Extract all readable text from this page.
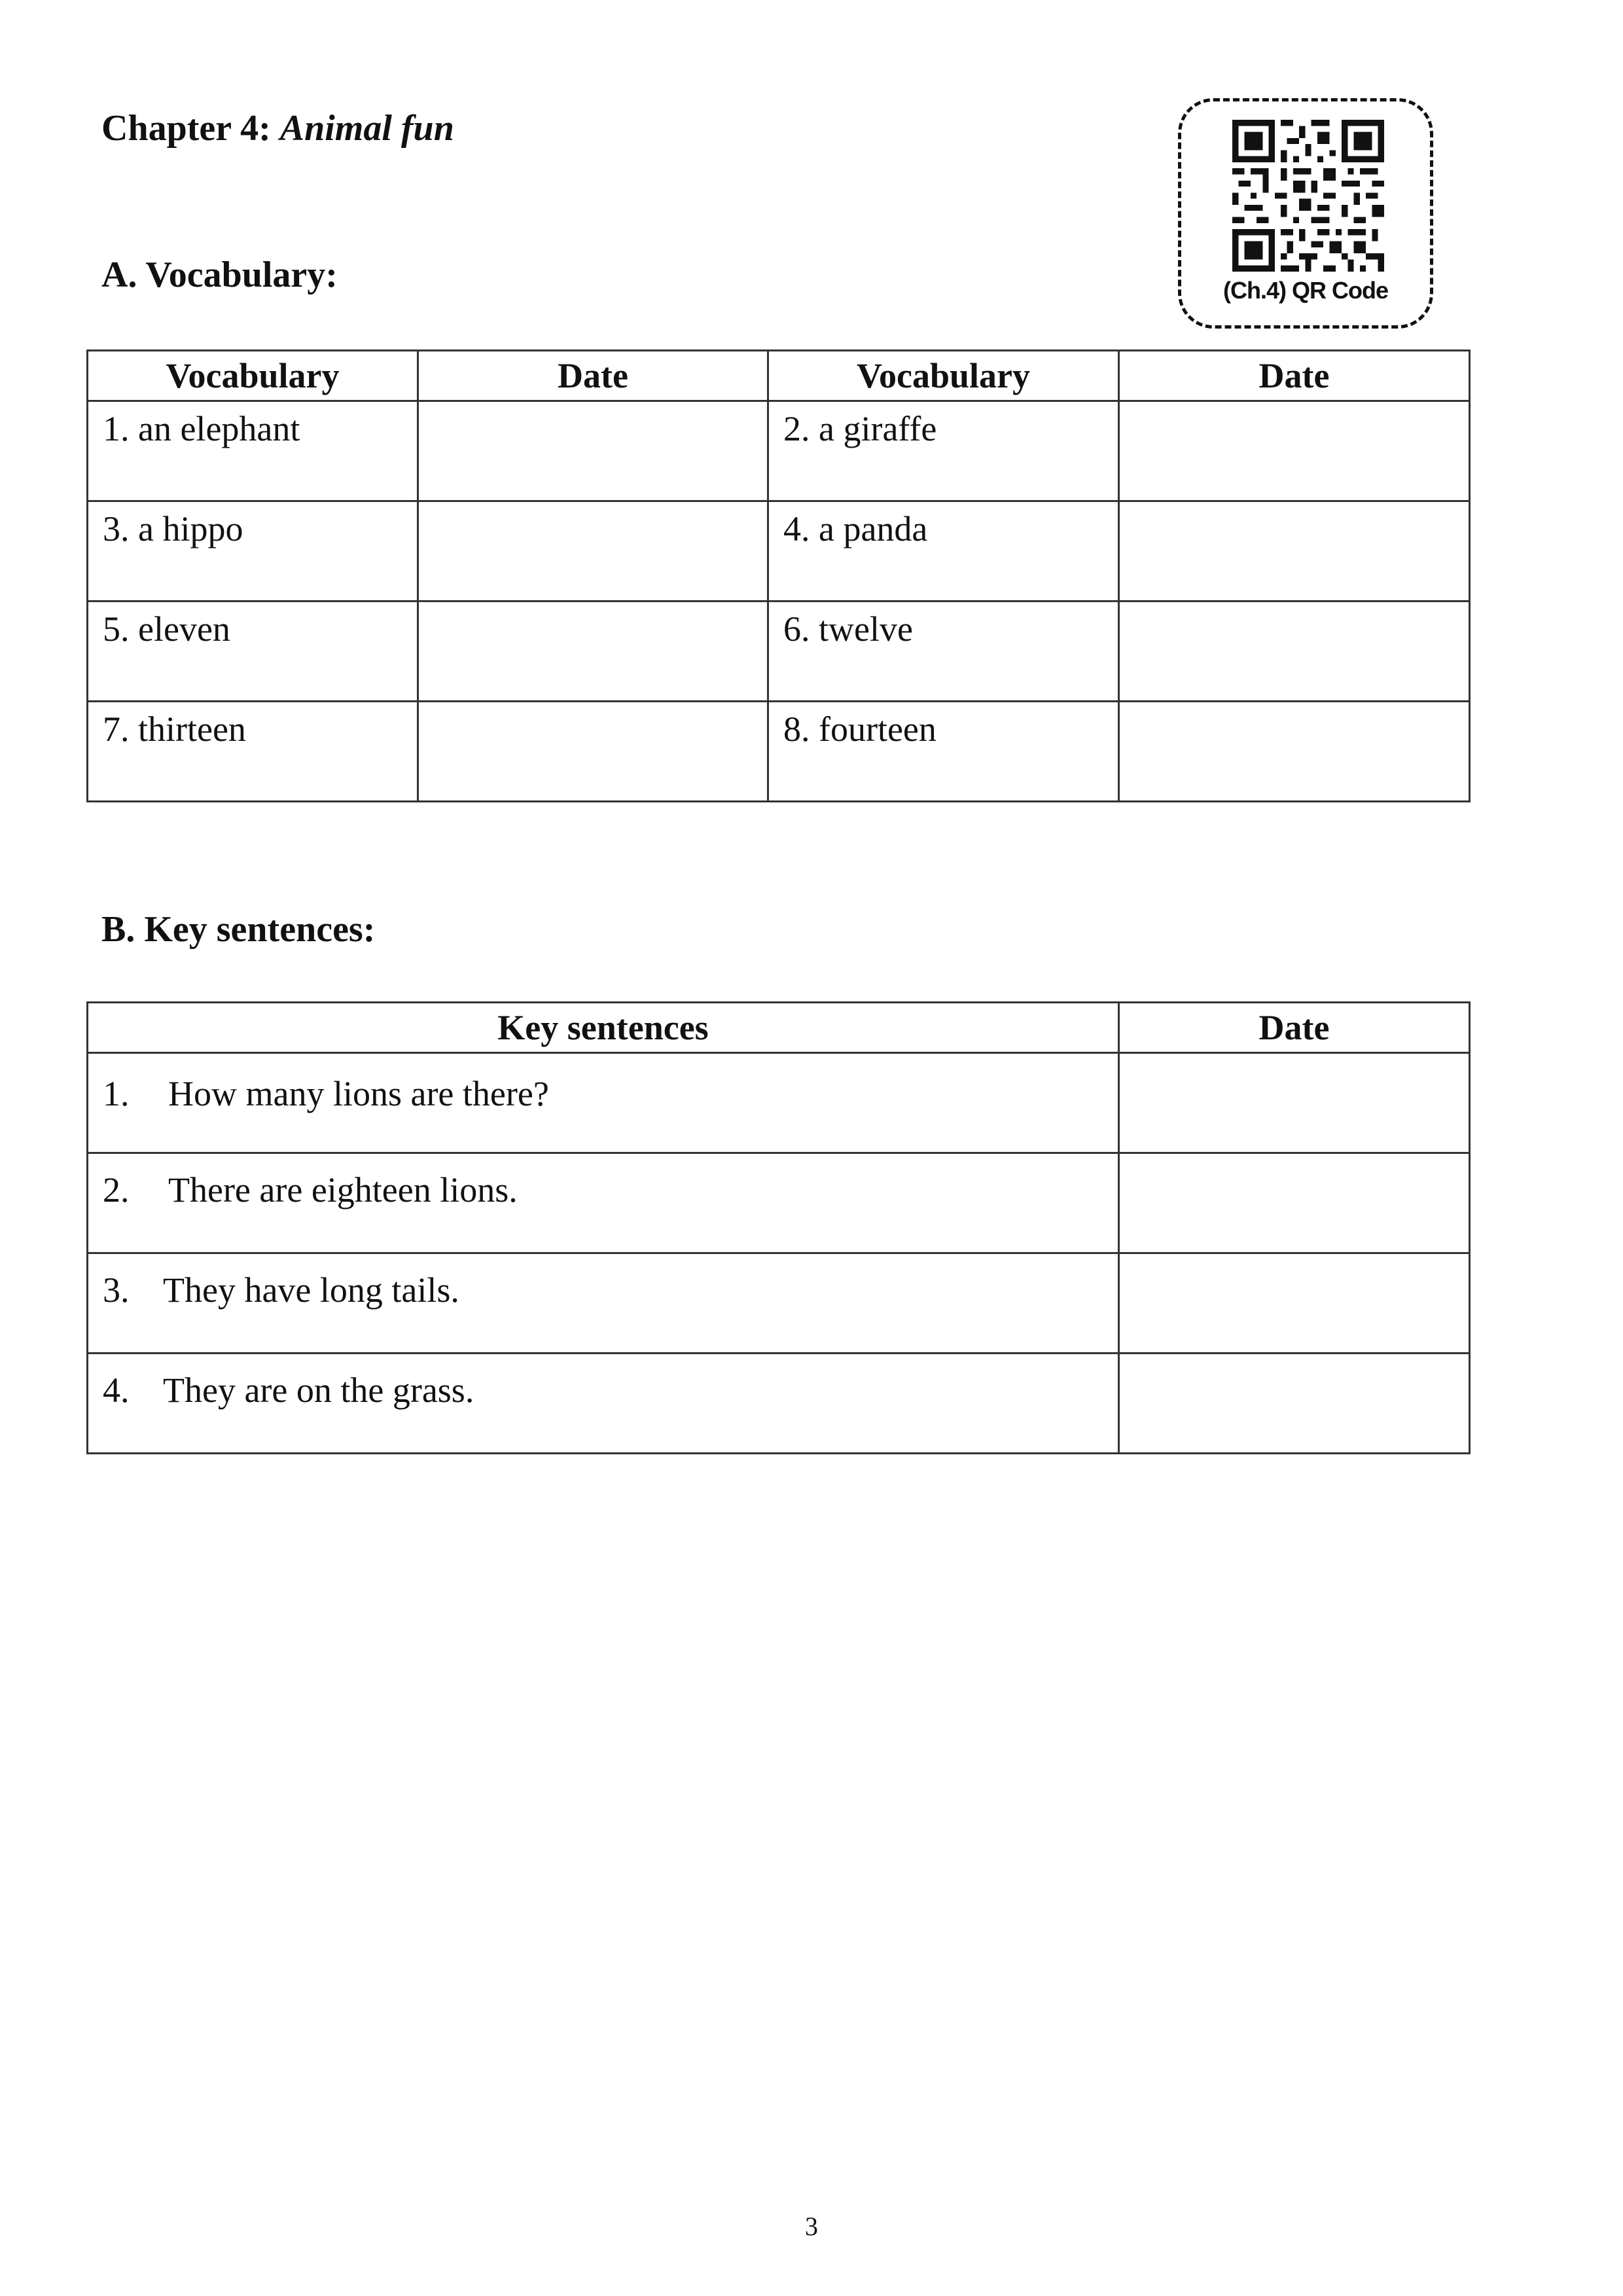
Chapter 4: Animal fun
(Ch.4) QR Code
A. Vocabulary:
Vocabulary	Date	Vocabulary	Date
1. an elephant		2. a giraffe	
3. a hippo		4. a panda	
5. eleven		6. twelve	
7. thirteen		8. fourteen	
B. Key sentences:
Key sentences	Date
1. How many lions are there?	
2. There are eighteen lions.	
3. They have long tails.	
4. They are on the grass.	
3
